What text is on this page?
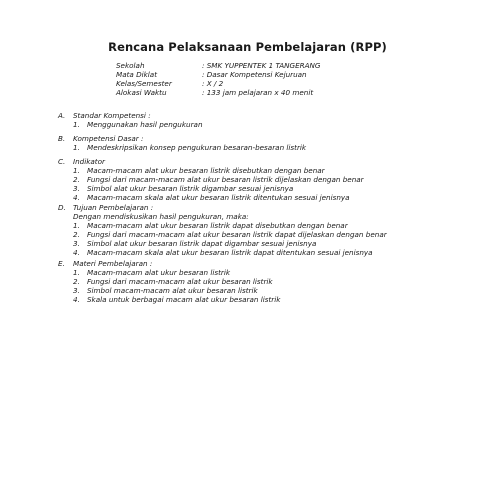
Rencana Pelaksanaan Pembelajaran (RPP)
Sekolah	: SMK YUPPENTEK 1 TANGERANG
Mata Diklat	: Dasar Kompetensi Kejuruan
Kelas/Semester	: X / 2
Alokasi Waktu	: 133 jam pelajaran x 40 menit
A. Standar Kompetensi :
1. Menggunakan hasil pengukuran
B. Kompetensi Dasar :
1. Mendeskripsikan konsep pengukuran besaran-besaran listrik
C. Indikator
1. Macam-macam alat ukur besaran listrik disebutkan dengan benar
2. Fungsi dari macam-macam alat ukur besaran listrik dijelaskan dengan benar
3. Simbol alat ukur besaran listrik digambar sesuai jenisnya
4. Macam-macam skala alat ukur besaran listrik ditentukan sesuai jenisnya
D. Tujuan Pembelajaran :
Dengan mendiskusikan hasil pengukuran, maka:
1. Macam-macam alat ukur besaran listrik dapat disebutkan dengan benar
2. Fungsi dari macam-macam alat ukur besaran listrik dapat dijelaskan dengan benar
3. Simbol alat ukur besaran listrik dapat digambar sesuai jenisnya
4. Macam-macam skala alat ukur besaran listrik dapat ditentukan sesuai jenisnya
E. Materi Pembelajaran :
1. Macam-macam alat ukur besaran listrik
2. Fungsi dari macam-macam alat ukur besaran listrik
3. Simbol macam-macam alat ukur besaran listrik
4. Skala untuk berbagai macam alat ukur besaran listrik
